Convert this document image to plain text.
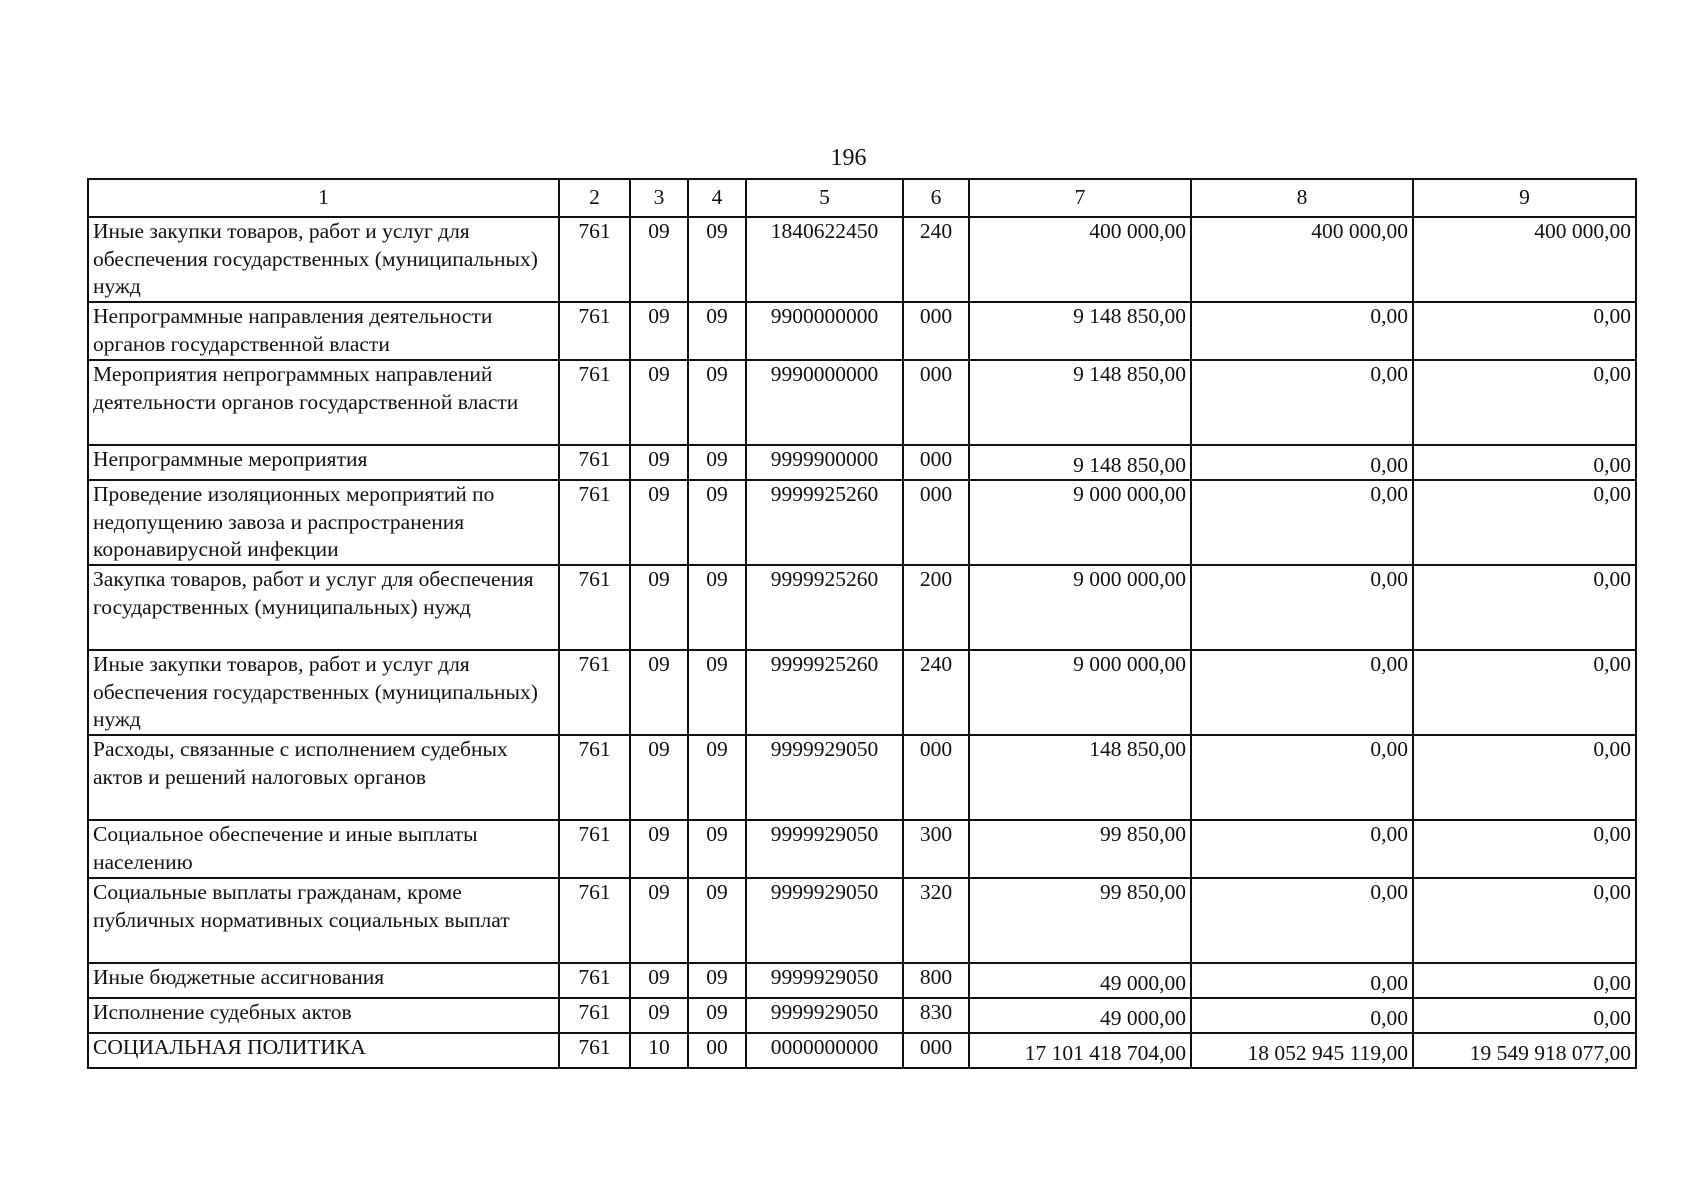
196
1	2	3	4	5	6	7	8	9
Иные закупки товаров, работ и услуг для обеспечения государственных (муниципальных) нужд	761	09	09	1840622450	240	400 000,00	400 000,00	400 000,00
Непрограммные направления деятельности органов государственной власти	761	09	09	9900000000	000	9 148 850,00	0,00	0,00
Мероприятия непрограммных направлений деятельности органов государственной власти	761	09	09	9990000000	000	9 148 850,00	0,00	0,00
Непрограммные мероприятия	761	09	09	9999900000	000	9 148 850,00	0,00	0,00
Проведение изоляционных мероприятий по недопущению завоза и распространения коронавирусной инфекции	761	09	09	9999925260	000	9 000 000,00	0,00	0,00
Закупка товаров, работ и услуг для обеспечения государственных (муниципальных) нужд	761	09	09	9999925260	200	9 000 000,00	0,00	0,00
Иные закупки товаров, работ и услуг для обеспечения государственных (муниципальных) нужд	761	09	09	9999925260	240	9 000 000,00	0,00	0,00
Расходы, связанные с исполнением судебных актов и решений налоговых органов	761	09	09	9999929050	000	148 850,00	0,00	0,00
Социальное обеспечение и иные выплаты населению	761	09	09	9999929050	300	99 850,00	0,00	0,00
Социальные выплаты гражданам, кроме публичных нормативных социальных выплат	761	09	09	9999929050	320	99 850,00	0,00	0,00
Иные бюджетные ассигнования	761	09	09	9999929050	800	49 000,00	0,00	0,00
Исполнение судебных актов	761	09	09	9999929050	830	49 000,00	0,00	0,00
СОЦИАЛЬНАЯ ПОЛИТИКА	761	10	00	0000000000	000	17 101 418 704,00	18 052 945 119,00	19 549 918 077,00
